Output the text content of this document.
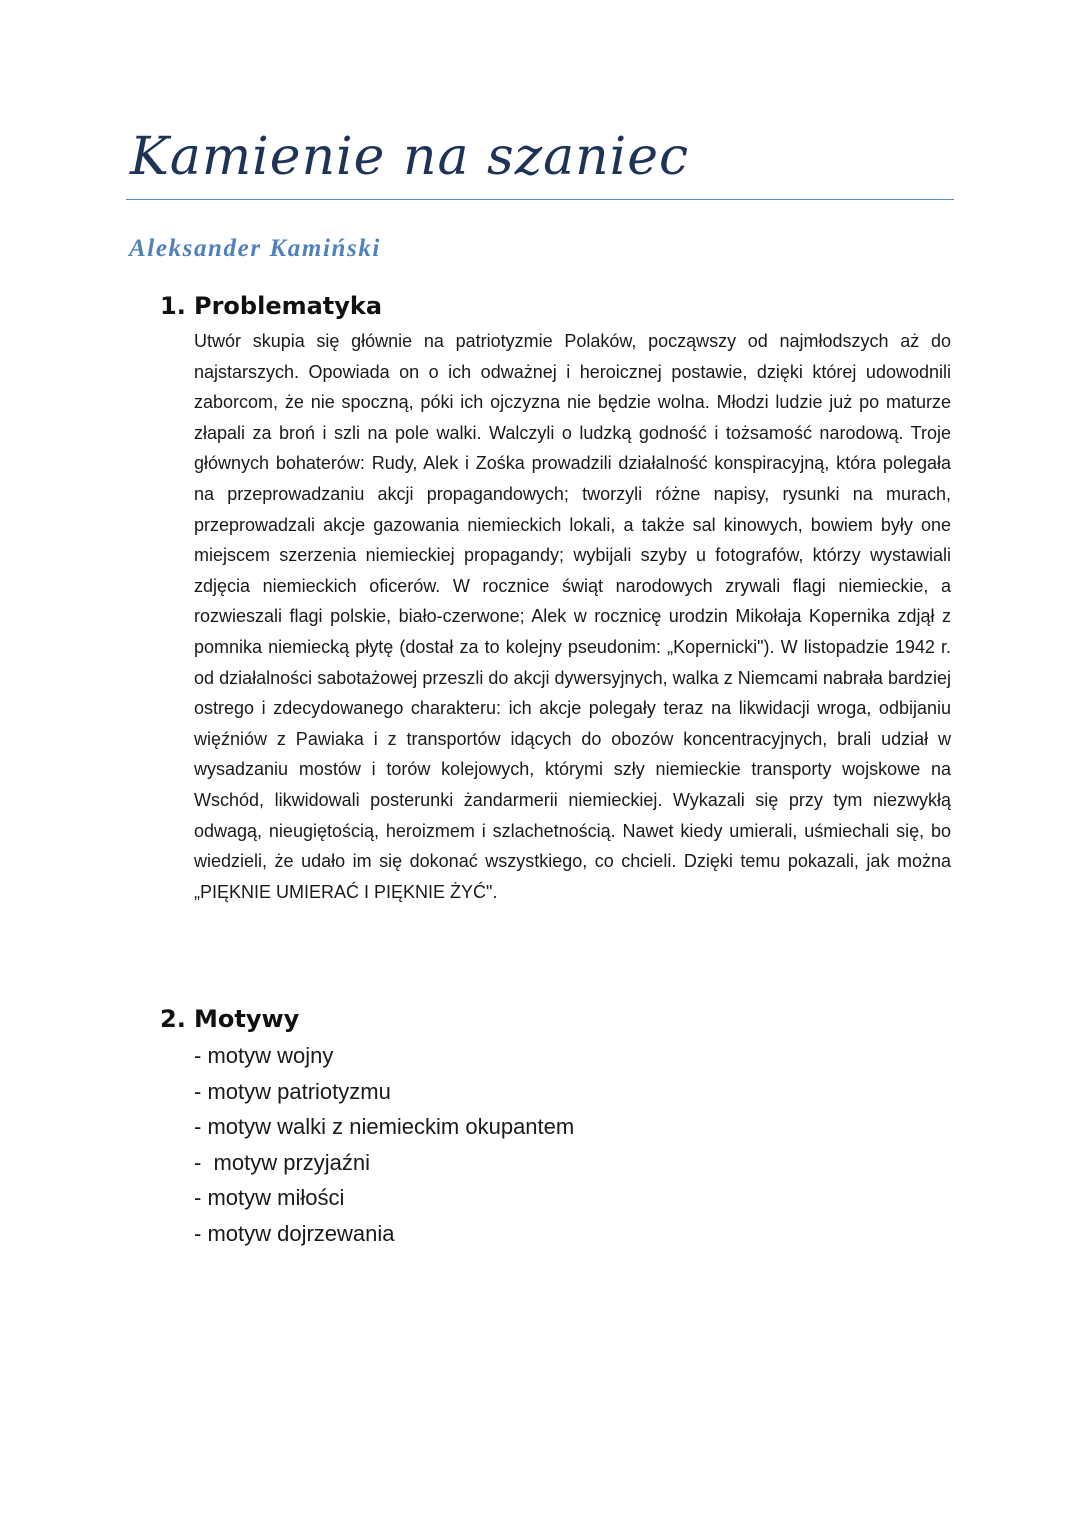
Kamienie na szaniec
Aleksander Kamiński
1. Problematyka

Utwór skupia się głównie na patriotyzmie Polaków, począwszy od najmłodszych aż do najstarszych. Opowiada on o ich odważnej i heroicznej postawie, dzięki której udowodnili zaborcom, że nie spoczną, póki ich ojczyzna nie będzie wolna. Młodzi ludzie już po maturze złapali za broń i szli na pole walki. Walczyli o ludzką godność i tożsamość narodową. Troje głównych bohaterów: Rudy, Alek i Zośka prowadzili działalność konspiracyjną, która polegała na przeprowadzaniu akcji propagandowych; tworzyli różne napisy, rysunki na murach, przeprowadzali akcje gazowania niemieckich lokali, a także sal kinowych, bowiem były one miejscem szerzenia niemieckiej propagandy; wybijali szyby u fotografów, którzy wystawiali zdjęcia niemieckich oficerów. W rocznice świąt narodowych zrywali flagi niemieckie, a rozwieszali flagi polskie, biało-czerwone; Alek w rocznicę urodzin Mikołaja Kopernika zdjął z pomnika niemiecką płytę (dostał za to kolejny pseudonim: „Kopernicki"). W listopadzie 1942 r. od działalności sabotażowej przeszli do akcji dywersyjnych, walka z Niemcami nabrała bardziej ostrego i zdecydowanego charakteru: ich akcje polegały teraz na likwidacji wroga, odbijaniu więźniów z Pawiaka i z transportów idących do obozów koncentracyjnych, brali udział w wysadzaniu mostów i torów kolejowych, którymi szły niemieckie transporty wojskowe na Wschód, likwidowali posterunki żandarmerii niemieckiej. Wykazali się przy tym niezwykłą odwagą, nieugiętością, heroizmem i szlachetnością. Nawet kiedy umierali, uśmiechali się, bo wiedzieli, że udało im się dokonać wszystkiego, co chcieli. Dzięki temu pokazali, jak można „PIĘKNIE UMIERAĆ I PIĘKNIE ŻYĆ".

2. Motywy
- motyw wojny
- motyw patriotyzmu
- motyw walki z niemieckim okupantem
-  motyw przyjaźni
- motyw miłości
- motyw dojrzewania
